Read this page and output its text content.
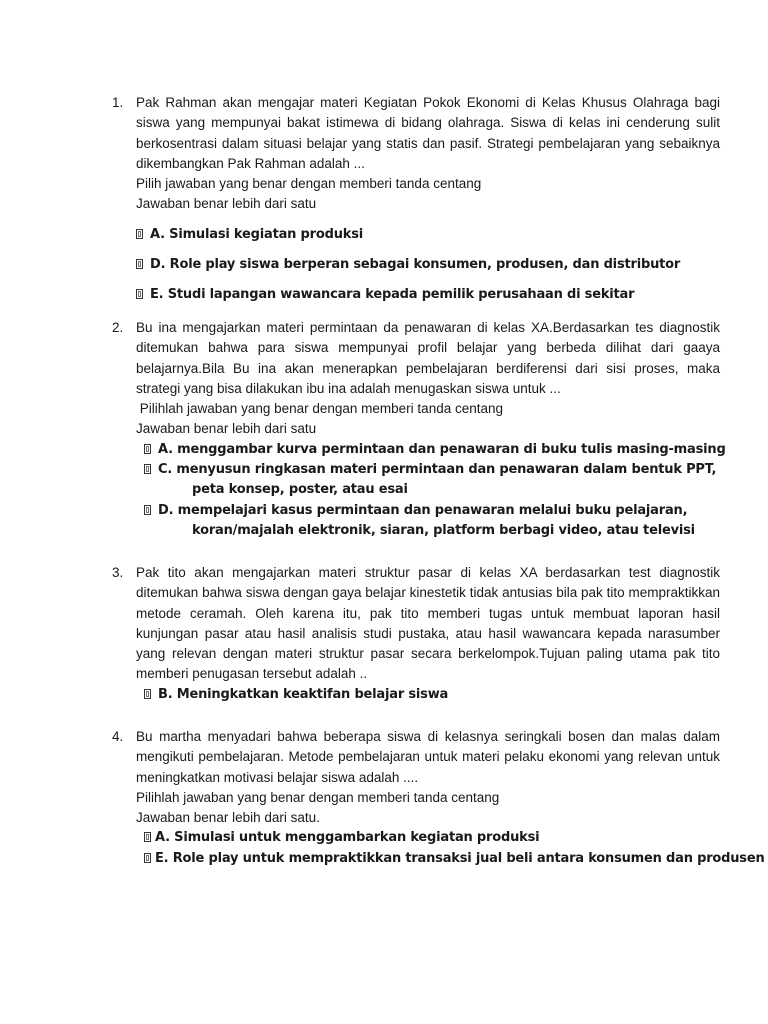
1. Pak Rahman akan mengajar materi Kegiatan Pokok Ekonomi di Kelas Khusus Olahraga bagi siswa yang mempunyai bakat istimewa di bidang olahraga. Siswa di kelas ini cenderung sulit berkosentrasi dalam situasi belajar yang statis dan pasif. Strategi pembelajaran yang sebaiknya dikembangkan Pak Rahman adalah ...
Pilih jawaban yang benar dengan memberi tanda centang
Jawaban benar lebih dari satu
A. Simulasi kegiatan produksi
D. Role play siswa berperan sebagai konsumen, produsen, dan distributor
E. Studi lapangan wawancara kepada pemilik perusahaan di sekitar
2. Bu ina mengajarkan materi permintaan da penawaran di kelas XA.Berdasarkan tes diagnostik ditemukan bahwa para siswa mempunyai profil belajar yang berbeda dilihat dari gaaya belajarnya.Bila Bu ina akan menerapkan pembelajaran berdiferensi dari sisi proses, maka strategi yang bisa dilakukan ibu ina adalah menugaskan siswa untuk ...
Pilihlah jawaban yang benar dengan memberi tanda centang
Jawaban benar lebih dari satu
A. menggambar kurva permintaan dan penawaran di buku tulis masing-masing
C. menyusun ringkasan materi permintaan dan penawaran dalam bentuk PPT,
peta konsep, poster, atau esai
D. mempelajari kasus permintaan dan penawaran melalui buku pelajaran,
koran/majalah elektronik, siaran, platform berbagi video, atau televisi
3. Pak tito akan mengajarkan materi struktur pasar di kelas XA berdasarkan test diagnostik ditemukan bahwa siswa dengan gaya belajar kinestetik tidak antusias bila pak tito mempraktikkan metode ceramah. Oleh karena itu, pak tito memberi tugas untuk membuat laporan hasil kunjungan pasar atau hasil analisis studi pustaka, atau hasil wawancara kepada narasumber yang relevan dengan materi struktur pasar secara berkelompok.Tujuan paling utama pak tito memberi penugasan tersebut adalah ..
B. Meningkatkan keaktifan belajar siswa
4. Bu martha menyadari bahwa beberapa siswa di kelasnya seringkali bosen dan malas dalam mengikuti pembelajaran. Metode pembelajaran untuk materi pelaku ekonomi yang relevan untuk meningkatkan motivasi belajar siswa adalah ....
Pilihlah jawaban yang benar dengan memberi tanda centang
Jawaban benar lebih dari satu.
A. Simulasi untuk menggambarkan kegiatan produksi
E. Role play untuk mempraktikkan transaksi jual beli antara konsumen dan produsen
